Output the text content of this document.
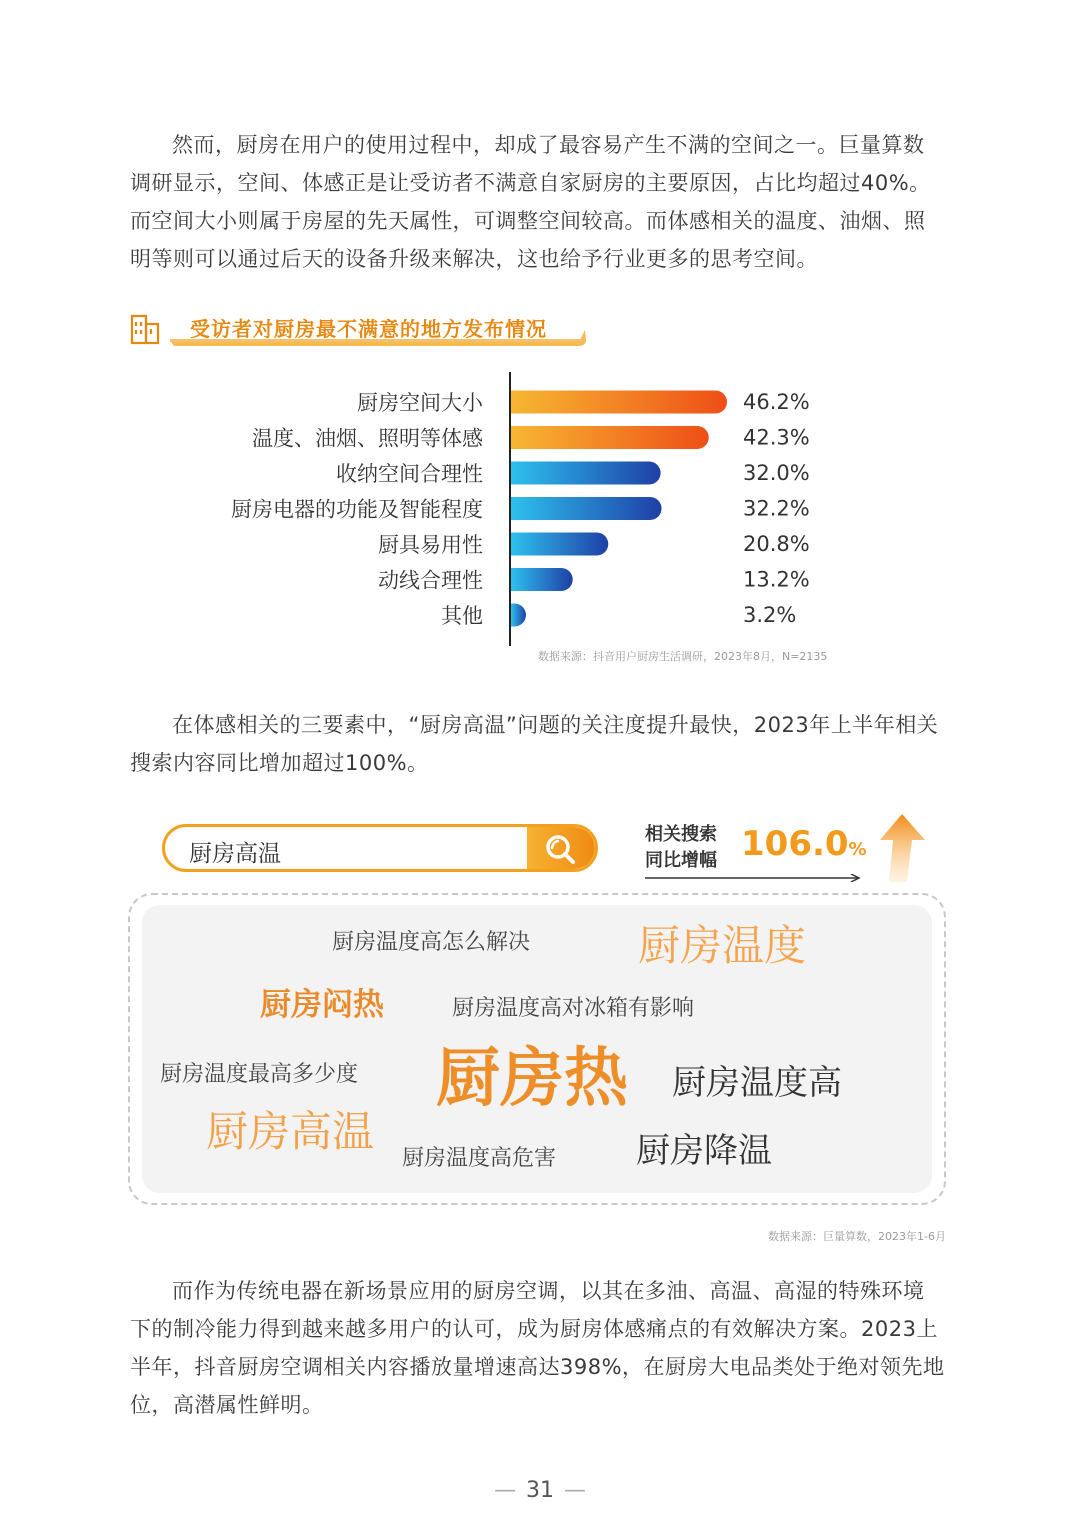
然而，厨房在用户的使用过程中，却成了最容易产生不满的空间之一。巨量算数调研显示，空间、体感正是让受访者不满意自家厨房的主要原因，占比均超过40%。而空间大小则属于房屋的先天属性，可调整空间较高。而体感相关的温度、油烟、照明等则可以通过后天的设备升级来解决，这也给予行业更多的思考空间。

受访者对厨房最不满意的地方发布情况
厨房空间大小	46.2%
温度、油烟、照明等体感	42.3%
收纳空间合理性	32.0%
厨房电器的功能及智能程度	32.2%
厨具易用性	20.8%
动线合理性	13.2%
其他	3.2%
数据来源：抖音用户厨房生活调研，2023年8月，N=2135

在体感相关的三要素中，“厨房高温”问题的关注度提升最快，2023年上半年相关搜索内容同比增加超过100%。

厨房高温
相关搜索
同比增幅 106.0%
厨房温度高怎么解决	厨房温度
厨房闷热	厨房温度高对冰箱有影响
厨房温度最高多少度 厨房热 厨房温度高
厨房高温
厨房温度高危害 厨房降温
数据来源：巨量算数，2023年1-6月

而作为传统电器在新场景应用的厨房空调，以其在多油、高温、高湿的特殊环境下的制冷能力得到越来越多用户的认可，成为厨房体感痛点的有效解决方案。2023上半年，抖音厨房空调相关内容播放量增速高达398%，在厨房大电品类处于绝对领先地位，高潜属性鲜明。

— 31 —
